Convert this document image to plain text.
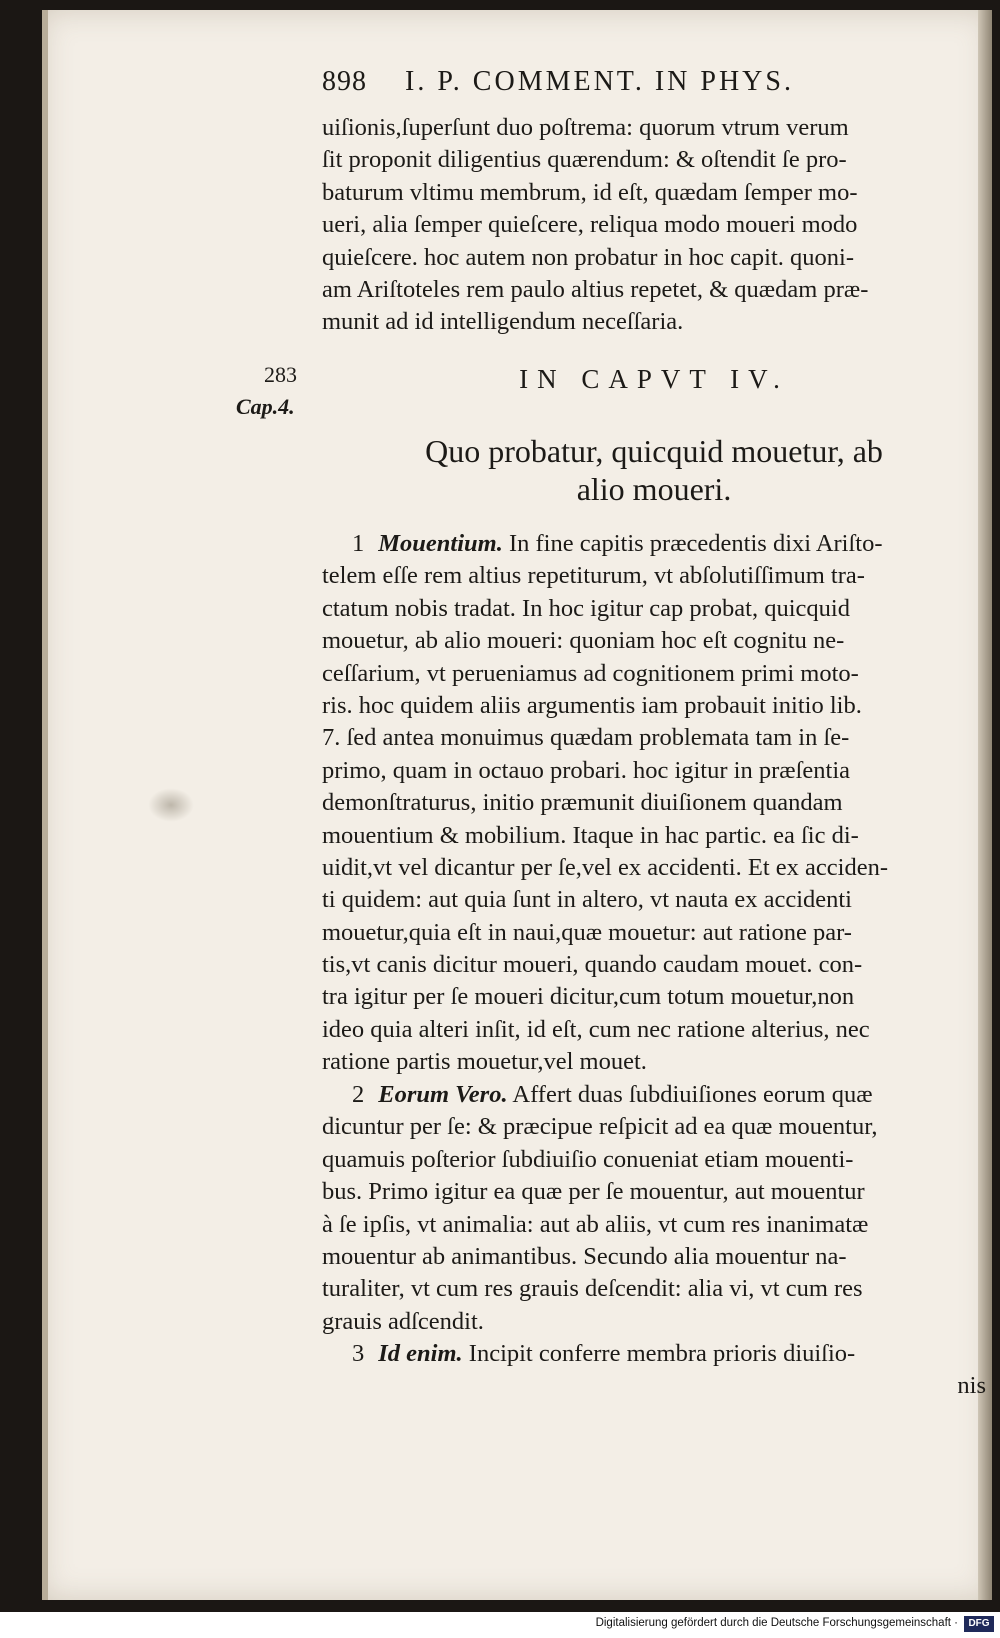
898 I. P. COMMENT. IN PHYS.
uiſionis,ſuperſunt duo poſtrema: quorum vtrum verum
ſit proponit diligentius quærendum: & oſtendit ſe pro-
baturum vltimu membrum, id eſt, quædam ſemper mo-
ueri, alia ſemper quieſcere, reliqua modo moueri modo
quieſcere. hoc autem non probatur in hoc capit. quoni-
am Ariſtoteles rem paulo altius repetet, & quædam præ-
munit ad id intelligendum neceſſaria.
283
Cap.4.
IN CAPVT IV.
Quo probatur, quicquid mouetur, ab
alio moueri.
1 Mouentium. In fine capitis præcedentis dixi Ariſto-
telem eſſe rem altius repetiturum, vt abſolutiſſimum tra-
ctatum nobis tradat. In hoc igitur cap probat, quicquid
mouetur, ab alio moueri: quoniam hoc eſt cognitu ne-
ceſſarium, vt perueniamus ad cognitionem primi moto-
ris. hoc quidem aliis argumentis iam probauit initio lib.
7. ſed antea monuimus quædam problemata tam in ſe-
primo, quam in octauo probari. hoc igitur in præſentia
demonſtraturus, initio præmunit diuiſionem quandam
mouentium & mobilium. Itaque in hac partic. ea ſic di-
uidit,vt vel dicantur per ſe,vel ex accidenti. Et ex acciden-
ti quidem: aut quia ſunt in altero, vt nauta ex accidenti
mouetur,quia eſt in naui,quæ mouetur: aut ratione par-
tis,vt canis dicitur moueri, quando caudam mouet. con-
tra igitur per ſe moueri dicitur,cum totum mouetur,non
ideo quia alteri inſit, id eſt, cum nec ratione alterius, nec
ratione partis mouetur,vel mouet.
2 Eorum Vero. Affert duas ſubdiuiſiones eorum quæ
dicuntur per ſe: & præcipue reſpicit ad ea quæ mouentur,
quamuis poſterior ſubdiuiſio conueniat etiam mouenti-
bus. Primo igitur ea quæ per ſe mouentur, aut mouentur
à ſe ipſis, vt animalia: aut ab aliis, vt cum res inanimatæ
mouentur ab animantibus. Secundo alia mouentur na-
turaliter, vt cum res grauis deſcendit: alia vi, vt cum res
grauis adſcendit.
3 Id enim. Incipit conferre membra prioris diuiſio-
nis
Digitalisierung gefördert durch die Deutsche Forschungsgemeinschaft ·	DFG
